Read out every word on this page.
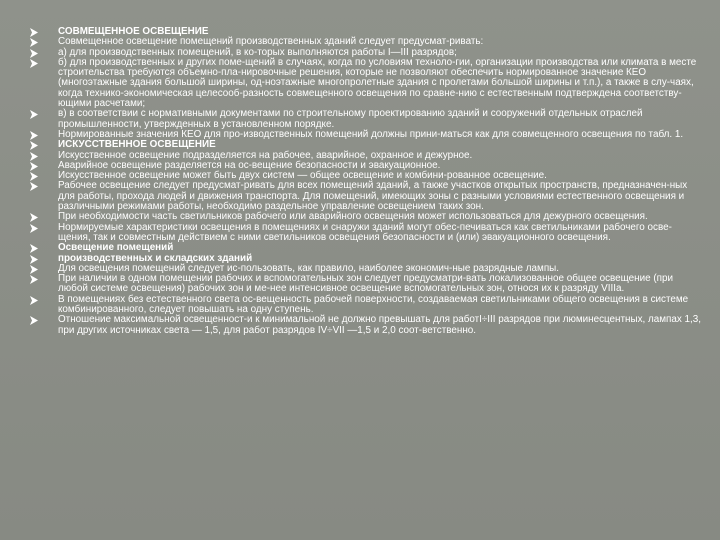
СОВМЕЩЕННОЕ ОСВЕЩЕНИЕ
Совмещенное освещение помещений производственных зданий следует предусмат-ривать:
а) для производственных помещений, в ко-торых выполняются работы I—III разрядов;
б) для производственных и других поме-щений в случаях, когда по условиям техноло-гии, организации производства или климата в месте строительства требуются объемно-пла-нировочные решения, которые не позволяют обеспечить нормированное значение КЕО (многоэтажные здания большой ширины, од-ноэтажные многопролетные здания с пролетами большой ширины и т.п.), а также в слу-чаях, когда технико-экономическая целесооб-разность совмещенного освещения по сравне-нию с естественным подтверждена соответству-ющими расчетами;
в) в соответствии с нормативными документами по строительному проектированию зданий и сооружений отдельных отраслей промышленности, утвержденных в установленном порядке.
Нормированные значения КЕО для про-изводственных помещений должны прини-маться как для совмещенного освещения по табл. 1.
ИСКУССТВЕННОЕ ОСВЕЩЕНИЕ
Искусственное освещение подразделяется на рабочее, аварийное, охранное и дежурное.
Аварийное освещение разделяется на ос-вещение безопасности и эвакуационное.
Искусственное освещение может быть двух систем — общее освещение и комбини-рованное освещение.
Рабочее освещение следует предусмат-ривать для всех помещений зданий, а также участков открытых пространств, предназначен-ных для работы, прохода людей и движения транспорта. Для помещений, имеющих зоны с разными условиями естественного освещения и различными режимами работы, необходимо раздельное управление освещением таких зон.
При необходимости часть светильников рабочего или аварийного освещения может использоваться для дежурного освещения.
Нормируемые характеристики освещения в помещениях и снаружи зданий могут обес-печиваться как светильниками рабочего осве-щения, так и совместным действием с ними светильников освещения безопасности и (или) эвакуационного освещения.
Освещение помещений
производственных и складских зданий
Для освещения помещений следует ис-пользовать, как правило, наиболее экономич-ные разрядные лампы.
При наличии в одном помещении рабочих и вспомогательных зон следует предусматри-вать локализованное общее освещение (при любой системе освещения) рабочих зон и ме-нее интенсивное освещение вспомогательных зон, относя их к разряду VIIIа.
В помещениях без естественного света ос-вещенность рабочей поверхности, создаваемая светильниками общего освещения в системе комбинированного, следует повышать на одну ступень.
Отношение максимальной освещенност-и к минимальной не должно превышать для работI÷III разрядов при люминесцентных, лампах 1,3, при других источниках света — 1,5, для работ разрядов IV÷VII —1,5 и 2,0 соот-ветственно.
